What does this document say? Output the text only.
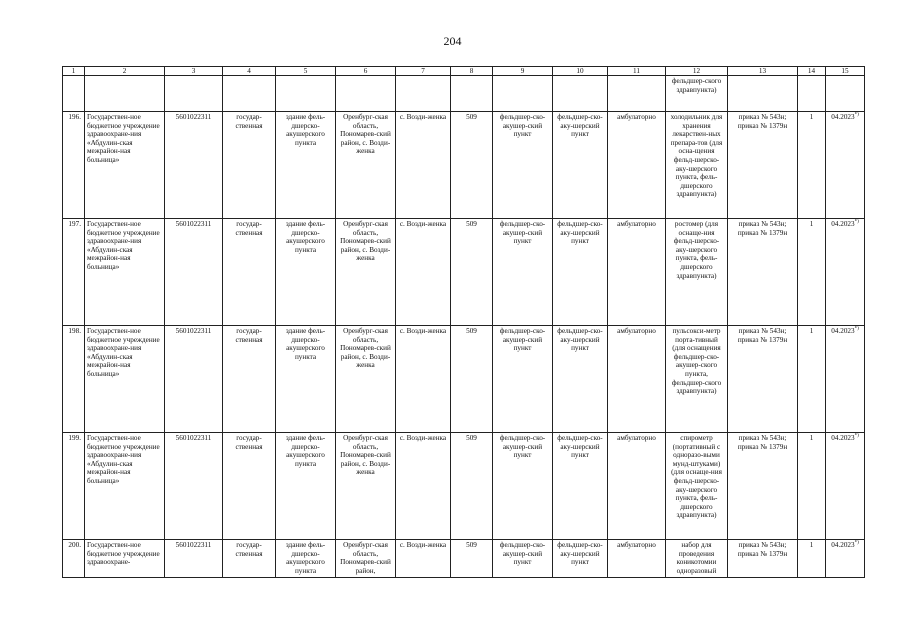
204
1	2	3	4	5	6	7	8	9	10	11	12	13	14	15
											фельдшер-ского здравпункта)			
196.	Государствен-ное бюджетное учреждение здравоохране-ния «Абдулин-ская межрайон-ная больница»	5601022311	государ-ственная	здание фель-дшерско-акушерского пункта	Оренбург-ская область, Пономарев-ский район, с. Возди-женка	с. Возди-женка	509	фельдшер-ско-акушер-ский пункт	фельдшер-ско-аку-шерский пункт	амбулаторно	холодильник для хранения лекарствен-ных препара-тов (для осна-щения фельд-шерско-аку-шерского пункта, фель-дшерского здравпункта)	приказ № 543н; приказ № 1379н	1	04.2023*)
197.	Государствен-ное бюджетное учреждение здравоохране-ния «Абдулин-ская межрайон-ная больница»	5601022311	государ-ственная	здание фель-дшерско-акушерского пункта	Оренбург-ская область, Пономарев-ский район, с. Возди-женка	с. Возди-женка	509	фельдшер-ско-акушер-ский пункт	фельдшер-ско-аку-шерский пункт	амбулаторно	ростомер (для оснаще-ния фельд-шерско-аку-шерского пункта, фель-дшерского здравпункта)	приказ № 543н; приказ № 1379н	1	04.2023*)
198.	Государствен-ное бюджетное учреждение здравоохране-ния «Абдулин-ская межрайон-ная больница»	5601022311	государ-ственная	здание фель-дшерско-акушерского пункта	Оренбург-ская область, Пономарев-ский район, с. Возди-женка	с. Возди-женка	509	фельдшер-ско-акушер-ский пункт	фельдшер-ско-аку-шерский пункт	амбулаторно	пульсокси-метр порта-тивный (для оснащения фельдшер-ско-акушер-ского пункта, фельдшер-ского здравпункта)	приказ № 543н; приказ № 1379н	1	04.2023*)
199.	Государствен-ное бюджетное учреждение здравоохране-ния «Абдулин-ская межрайон-ная больница»	5601022311	государ-ственная	здание фель-дшерско-акушерского пункта	Оренбург-ская область, Пономарев-ский район, с. Возди-женка	с. Возди-женка	509	фельдшер-ско-акушер-ский пункт	фельдшер-ско-аку-шерский пункт	амбулаторно	спирометр (портативный с одноразо-выми мунд-штуками) (для оснаще-ния фельд-шерско-аку-шерского пункта, фель-дшерского здравпункта)	приказ № 543н; приказ № 1379н	1	04.2023*)
200.	Государствен-ное бюджетное учреждение здравоохране-	5601022311	государ-ственная	здание фель-дшерско-акушерского пункта	Оренбург-ская область, Пономарев-ский район,	с. Возди-женка	509	фельдшер-ско-акушер-ский пункт	фельдшер-ско-аку-шерский пункт	амбулаторно	набор для проведения коникотомии одноразовый	приказ № 543н; приказ № 1379н	1	04.2023*)
